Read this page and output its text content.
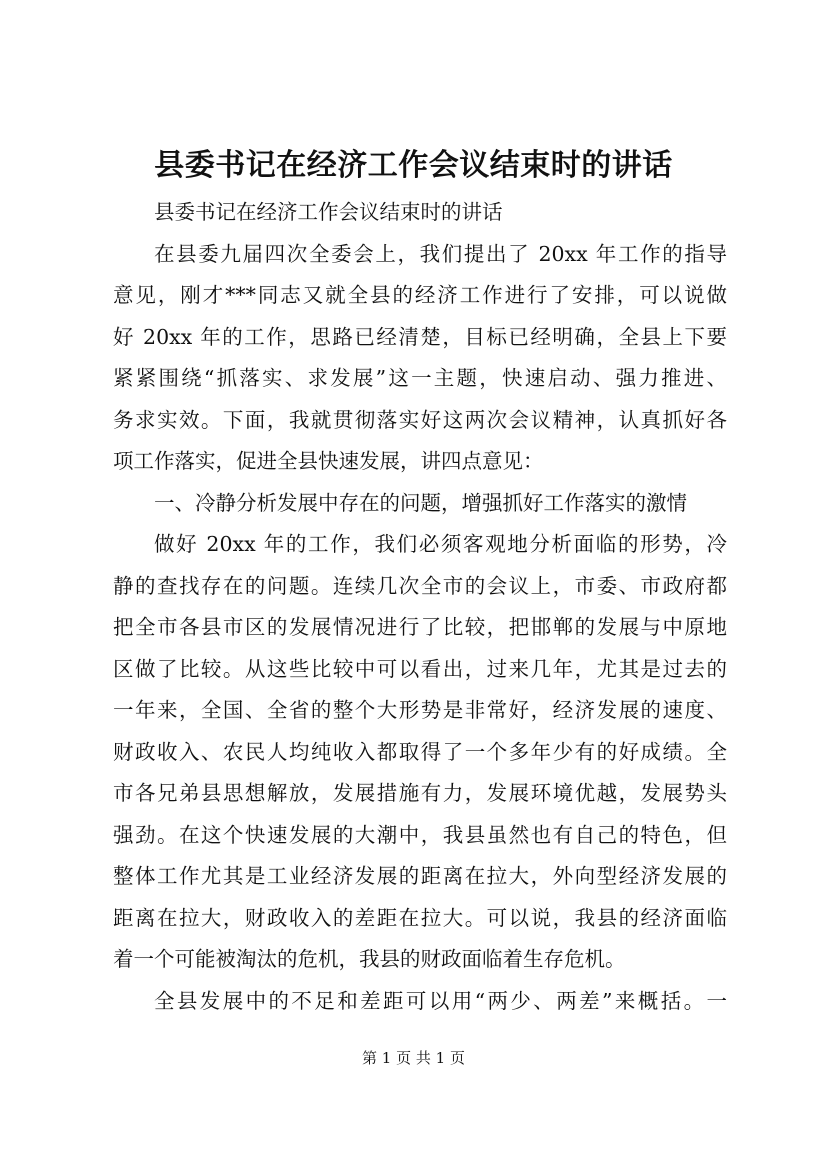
县委书记在经济工作会议结束时的讲话
县委书记在经济工作会议结束时的讲话
在县委九届四次全委会上，我们提出了 20xx 年工作的指导
意见，刚才***同志又就全县的经济工作进行了安排，可以说做
好 20xx 年的工作，思路已经清楚，目标已经明确，全县上下要
紧紧围绕“抓落实、求发展”这一主题，快速启动、强力推进、
务求实效。下面，我就贯彻落实好这两次会议精神，认真抓好各
项工作落实，促进全县快速发展，讲四点意见：
一、冷静分析发展中存在的问题，增强抓好工作落实的激情
做好 20xx 年的工作，我们必须客观地分析面临的形势，冷
静的查找存在的问题。连续几次全市的会议上，市委、市政府都
把全市各县市区的发展情况进行了比较，把邯郸的发展与中原地
区做了比较。从这些比较中可以看出，过来几年，尤其是过去的
一年来，全国、全省的整个大形势是非常好，经济发展的速度、
财政收入、农民人均纯收入都取得了一个多年少有的好成绩。全
市各兄弟县思想解放，发展措施有力，发展环境优越，发展势头
强劲。在这个快速发展的大潮中，我县虽然也有自己的特色，但
整体工作尤其是工业经济发展的距离在拉大，外向型经济发展的
距离在拉大，财政收入的差距在拉大。可以说，我县的经济面临
着一个可能被淘汰的危机，我县的财政面临着生存危机。
全县发展中的不足和差距可以用“两少、两差”来概括。一
第 1 页 共 1 页
